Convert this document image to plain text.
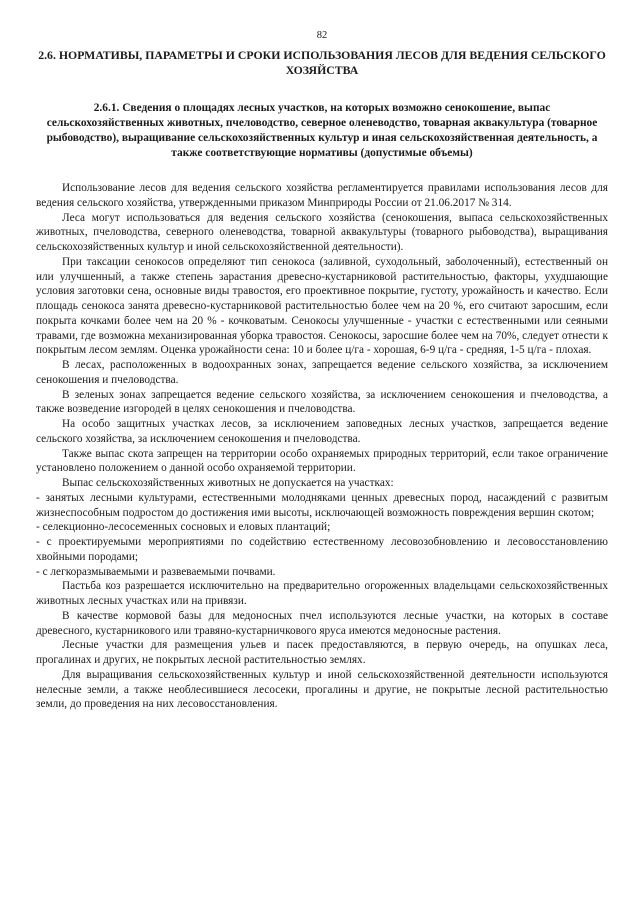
82
2.6. НОРМАТИВЫ, ПАРАМЕТРЫ И СРОКИ ИСПОЛЬЗОВАНИЯ ЛЕСОВ ДЛЯ ВЕДЕНИЯ СЕЛЬСКОГО ХОЗЯЙСТВА
2.6.1. Сведения о площадях лесных участков, на которых возможно сенокошение, выпас сельскохозяйственных животных, пчеловодство, северное оленеводство, товарная аквакультура (товарное рыбоводство), выращивание сельскохозяйственных культур и иная сельскохозяйственная деятельность, а также соответствующие нормативы (допустимые объемы)

Использование лесов для ведения сельского хозяйства регламентируется правилами использования лесов для ведения сельского хозяйства, утвержденными приказом Минприроды России от 21.06.2017 № 314.

Леса могут использоваться для ведения сельского хозяйства (сенокошения, выпаса сельскохозяйственных животных, пчеловодства, северного оленеводства, товарной аквакультуры (товарного рыбоводства), выращивания сельскохозяйственных культур и иной сельскохозяйственной деятельности).

При таксации сенокосов определяют тип сенокоса (заливной, суходольный, заболоченный), естественный он или улучшенный, а также степень зарастания древесно-кустарниковой растительностью, факторы, ухудшающие условия заготовки сена, основные виды травостоя, его проективное покрытие, густоту, урожайность и качество. Если площадь сенокоса занята древесно-кустарниковой растительностью более чем на 20 %, его считают заросшим, если покрыта кочками более чем на 20 % - кочковатым. Сенокосы улучшенные - участки с естественными или сеяными травами, где возможна механизированная уборка травостоя. Сенокосы, заросшие более чем на 70%, следует отнести к покрытым лесом землям. Оценка урожайности сена: 10 и более ц/га - хорошая, 6-9 ц/га - средняя, 1-5 ц/га - плохая.

В лесах, расположенных в водоохранных зонах, запрещается ведение сельского хозяйства, за исключением сенокошения и пчеловодства.

В зеленых зонах запрещается ведение сельского хозяйства, за исключением сенокошения и пчеловодства, а также возведение изгородей в целях сенокошения и пчеловодства.

На особо защитных участках лесов, за исключением заповедных лесных участков, запрещается ведение сельского хозяйства, за исключением сенокошения и пчеловодства.

Также выпас скота запрещен на территории особо охраняемых природных территорий, если такое ограничение установлено положением о данной особо охраняемой территории.

Выпас сельскохозяйственных животных не допускается на участках:

- занятых лесными культурами, естественными молодняками ценных древесных пород, насаждений с развитым жизнеспособным подростом до достижения ими высоты, исключающей возможность повреждения вершин скотом;

- селекционно-лесосеменных сосновых и еловых плантаций;

- с проектируемыми мероприятиями по содействию естественному лесовозобновлению и лесовосстановлению хвойными породами;

- с легкоразмываемыми и развеваемыми почвами.

Пастьба коз разрешается исключительно на предварительно огороженных владельцами сельскохозяйственных животных лесных участках или на привязи.

В качестве кормовой базы для медоносных пчел используются лесные участки, на которых в составе древесного, кустарникового или травяно-кустарничкового яруса имеются медоносные растения.

Лесные участки для размещения ульев и пасек предоставляются, в первую очередь, на опушках леса, прогалинах и других, не покрытых лесной растительностью землях.

Для выращивания сельскохозяйственных культур и иной сельскохозяйственной деятельности используются нелесные земли, а также необлесившиеся лесосеки, прогалины и другие, не покрытые лесной растительностью земли, до проведения на них лесовосстановления.
